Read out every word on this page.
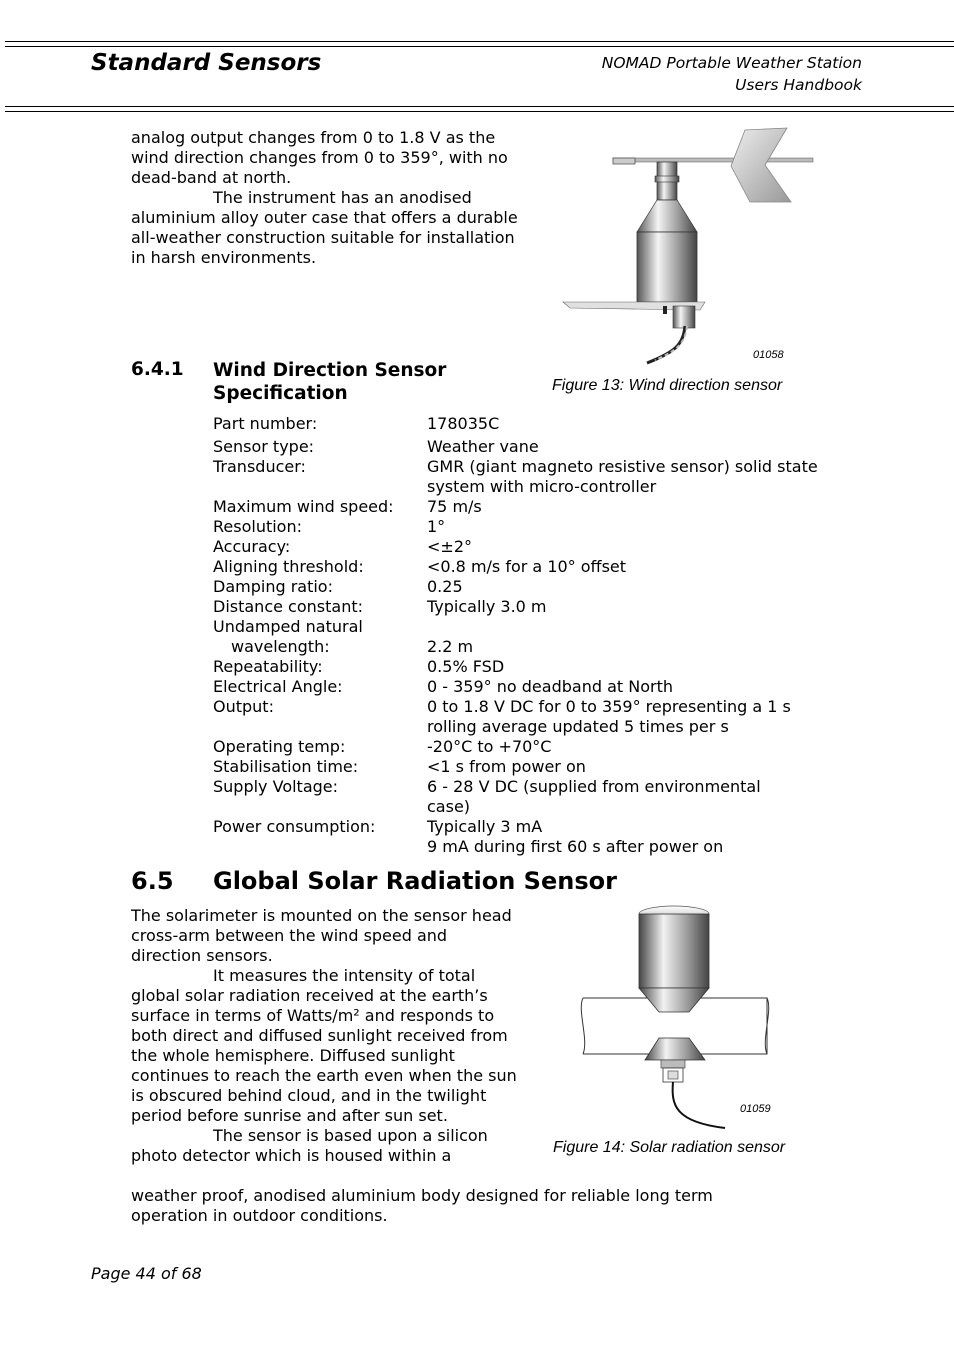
Standard Sensors	NOMAD Portable Weather Station
Users Handbook

analog output changes from 0 to 1.8 V as the wind direction changes from 0 to 359°, with no dead-band at north.

The instrument has an anodised aluminium alloy outer case that offers a durable all-weather construction suitable for installation in harsh environments.

01058
Figure 13: Wind direction sensor
6.4.1 Wind Direction Sensor Specification
Part number:	178035C
Sensor type:	Weather vane
Transducer:	GMR (giant magneto resistive sensor) solid state system with micro-controller
Maximum wind speed:	75 m/s
Resolution:	1°
Accuracy:	<±2°
Aligning threshold:	<0.8 m/s for a 10° offset
Damping ratio:	0.25
Distance constant:	Typically 3.0 m
Undamped natural
wavelength:	2.2 m
Repeatability:	0.5% FSD
Electrical Angle:	0 - 359° no deadband at North
Output:	0 to 1.8 V DC for 0 to 359° representing a 1 s rolling average updated 5 times per s
Operating temp:	-20°C to +70°C
Stabilisation time:	<1 s from power on
Supply Voltage:	6 - 28 V DC (supplied from environmental case)
Power consumption:	Typically 3 mA
9 mA during first 60 s after power on
6.5 Global Solar Radiation Sensor

The solarimeter is mounted on the sensor head cross-arm between the wind speed and direction sensors.

It measures the intensity of total global solar radiation received at the earth’s surface in terms of Watts/m² and responds to both direct and diffused sunlight received from the whole hemisphere. Diffused sunlight continues to reach the earth even when the sun is obscured behind cloud, and in the twilight period before sunrise and after sun set.

The sensor is based upon a silicon photo detector which is housed within a

weather proof, anodised aluminium body designed for reliable long term operation in outdoor conditions.

01059
Figure 14: Solar radiation sensor
Page 44 of 68
